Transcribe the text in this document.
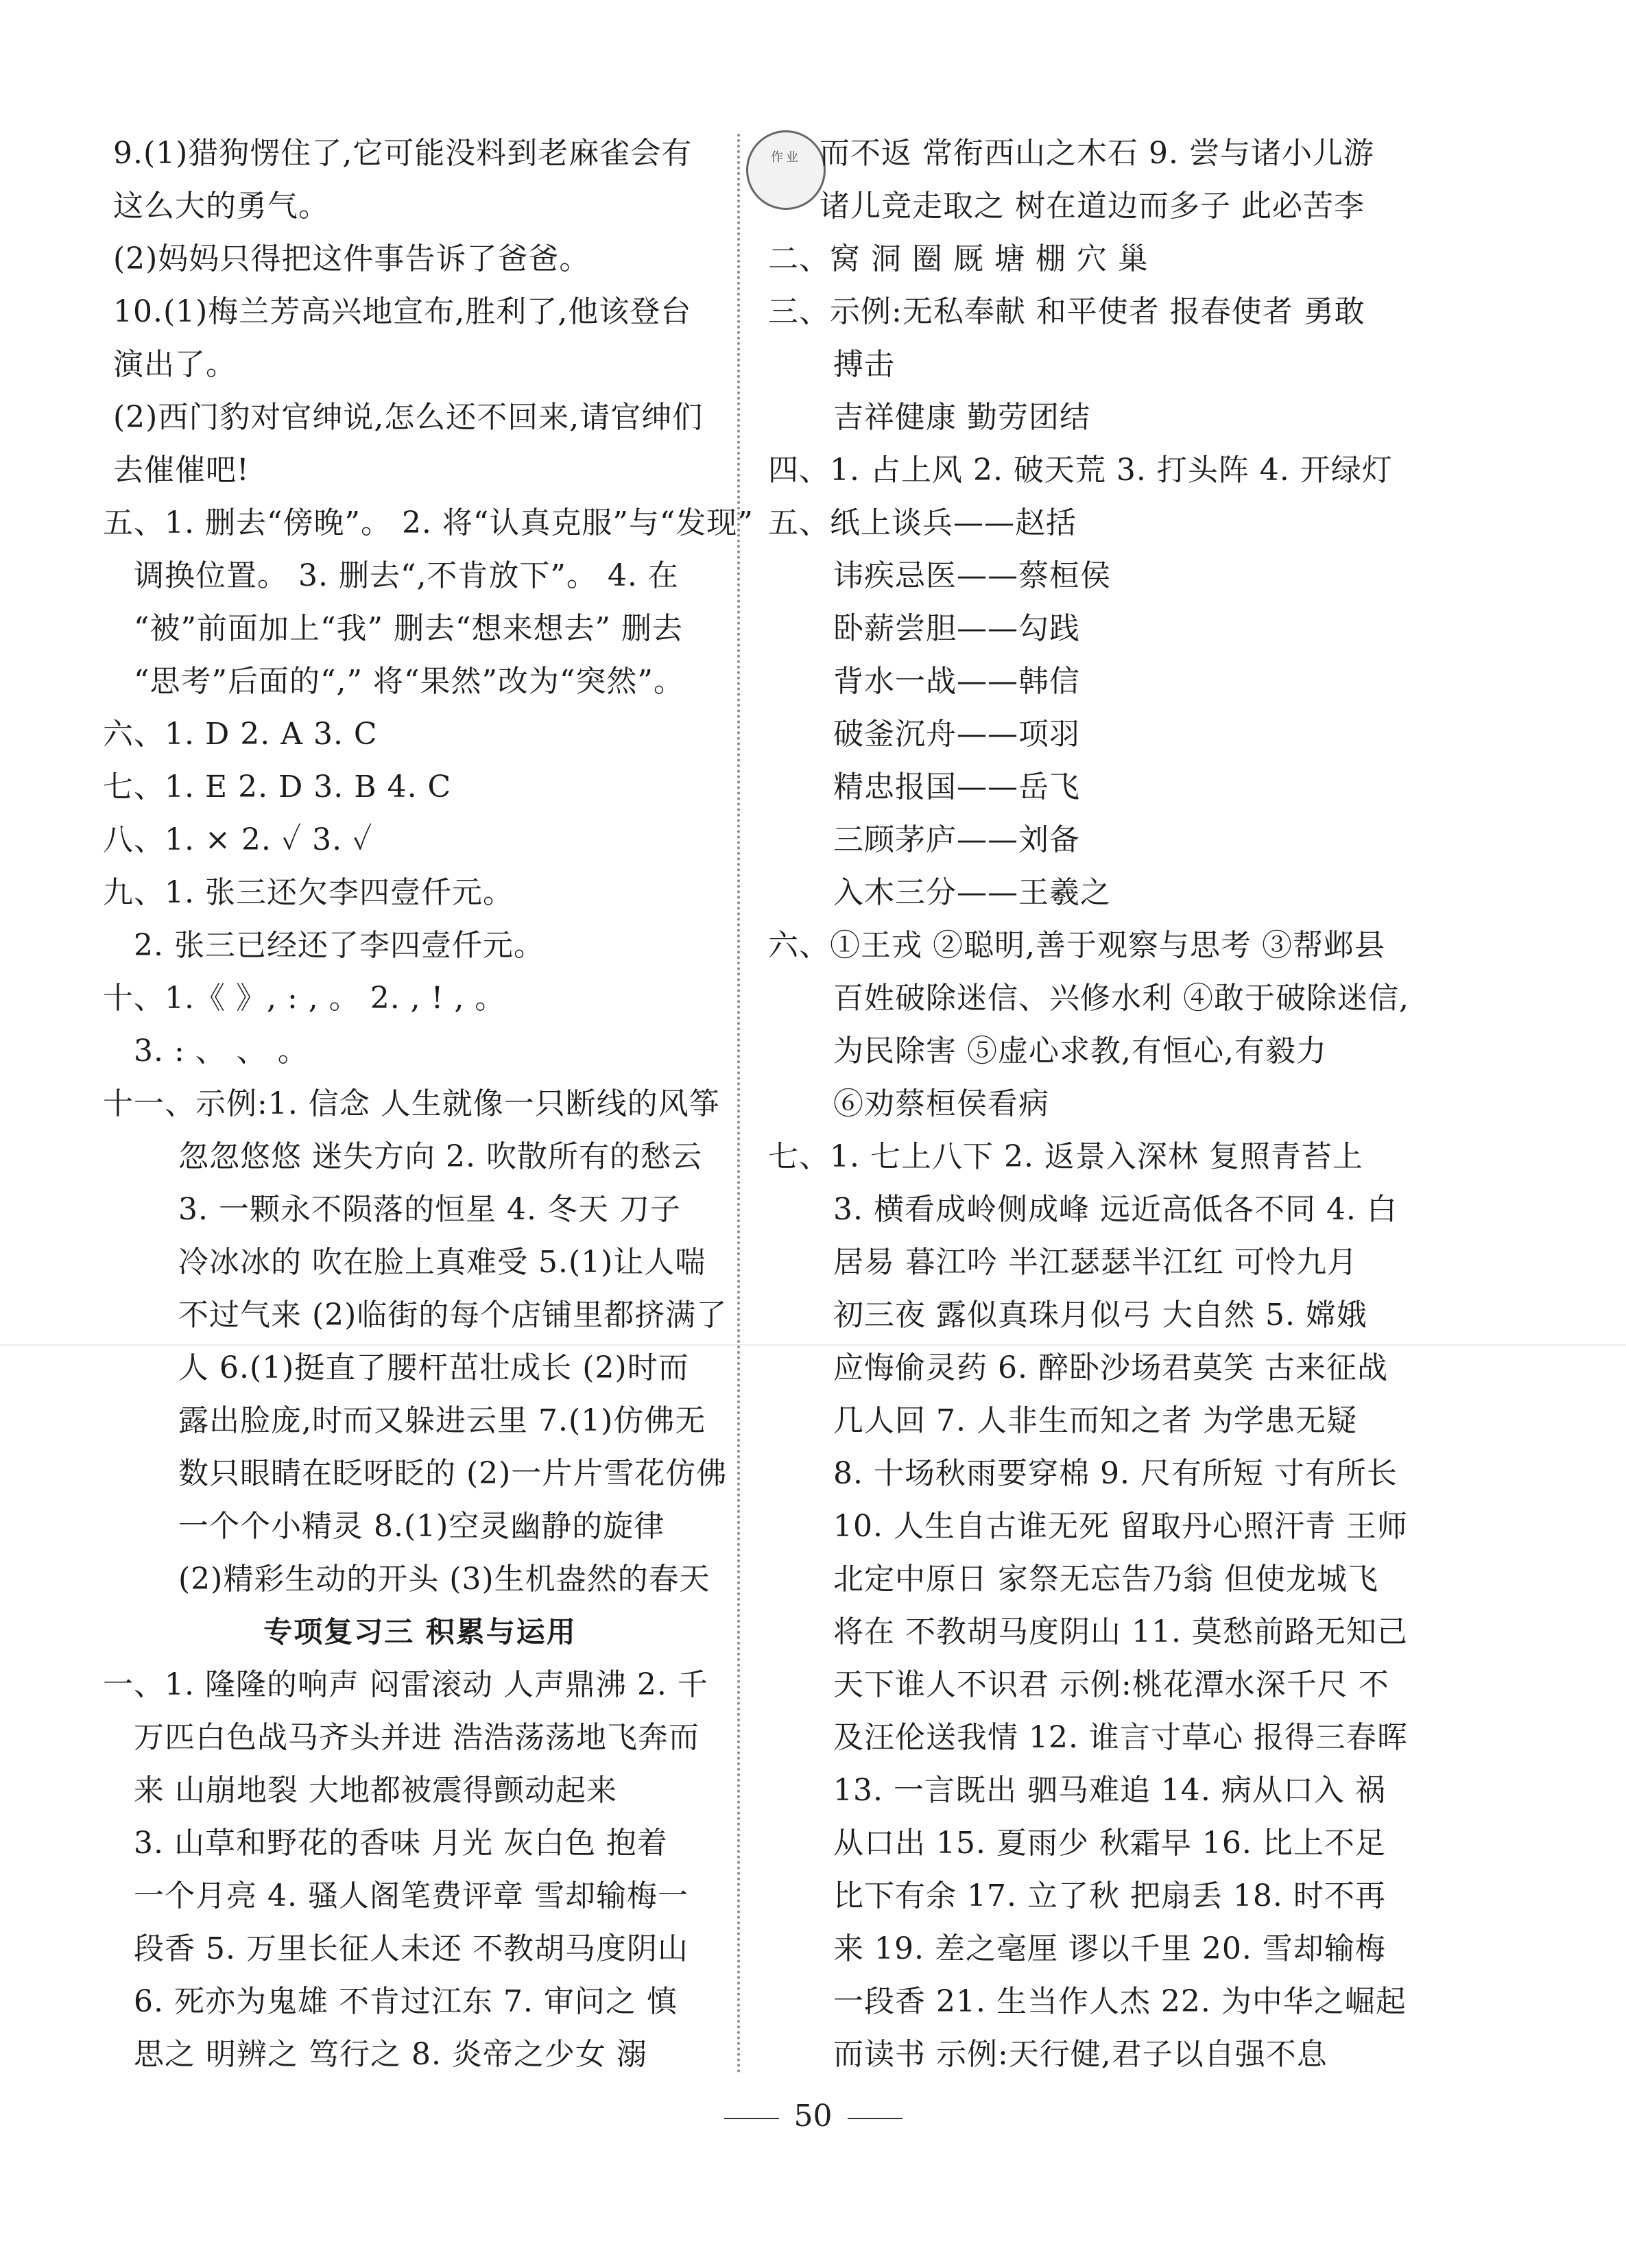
9.(1)猎狗愣住了,它可能没料到老麻雀会有
这么大的勇气。
(2)妈妈只得把这件事告诉了爸爸。
10.(1)梅兰芳高兴地宣布,胜利了,他该登台
演出了。
(2)西门豹对官绅说,怎么还不回来,请官绅们
去催催吧!
五、1. 删去“傍晚”。 2. 将“认真克服”与“发现”
调换位置。 3. 删去“,不肯放下”。 4. 在
“被”前面加上“我” 删去“想来想去” 删去
“思考”后面的“,” 将“果然”改为“突然”。
六、1. D 2. A 3. C
七、1. E 2. D 3. B 4. C
八、1. × 2. ✓ 3. ✓
九、1. 张三还欠李四壹仟元。
2. 张三已经还了李四壹仟元。
十、1.《 》, : , 。 2. , ! , 。
3. : 、 、 。
十一、示例:1. 信念 人生就像一只断线的风筝
忽忽悠悠 迷失方向 2. 吹散所有的愁云
3. 一颗永不陨落的恒星 4. 冬天 刀子
冷冰冰的 吹在脸上真难受 5.(1)让人喘
不过气来 (2)临街的每个店铺里都挤满了
人 6.(1)挺直了腰杆茁壮成长 (2)时而
露出脸庞,时而又躲进云里 7.(1)仿佛无
数只眼睛在眨呀眨的 (2)一片片雪花仿佛
一个个小精灵 8.(1)空灵幽静的旋律
(2)精彩生动的开头 (3)生机盎然的春天
专项复习三 积累与运用
一、1. 隆隆的响声 闷雷滚动 人声鼎沸 2. 千
万匹白色战马齐头并进 浩浩荡荡地飞奔而
来 山崩地裂 大地都被震得颤动起来
3. 山草和野花的香味 月光 灰白色 抱着
一个月亮 4. 骚人阁笔费评章 雪却输梅一
段香 5. 万里长征人未还 不教胡马度阴山
6. 死亦为鬼雄 不肯过江东 7. 审问之 慎
思之 明辨之 笃行之 8. 炎帝之少女 溺
作业 而不返 常衔西山之木石 9. 尝与诸小儿游
诸儿竞走取之 树在道边而多子 此必苦李
二、窝 洞 圈 厩 塘 棚 穴 巢
三、示例:无私奉献 和平使者 报春使者 勇敢
搏击
吉祥健康 勤劳团结
四、1. 占上风 2. 破天荒 3. 打头阵 4. 开绿灯
五、纸上谈兵——赵括
讳疾忌医——蔡桓侯
卧薪尝胆——勾践
背水一战——韩信
破釜沉舟——项羽
精忠报国——岳飞
三顾茅庐——刘备
入木三分——王羲之
六、①王戎 ②聪明,善于观察与思考 ③帮邺县
百姓破除迷信、兴修水利 ④敢于破除迷信,
为民除害 ⑤虚心求教,有恒心,有毅力
⑥劝蔡桓侯看病
七、1. 七上八下 2. 返景入深林 复照青苔上
3. 横看成岭侧成峰 远近高低各不同 4. 白
居易 暮江吟 半江瑟瑟半江红 可怜九月
初三夜 露似真珠月似弓 大自然 5. 嫦娥
应悔偷灵药 6. 醉卧沙场君莫笑 古来征战
几人回 7. 人非生而知之者 为学患无疑
8. 十场秋雨要穿棉 9. 尺有所短 寸有所长
10. 人生自古谁无死 留取丹心照汗青 王师
北定中原日 家祭无忘告乃翁 但使龙城飞
将在 不教胡马度阴山 11. 莫愁前路无知己
天下谁人不识君 示例:桃花潭水深千尺 不
及汪伦送我情 12. 谁言寸草心 报得三春晖
13. 一言既出 驷马难追 14. 病从口入 祸
从口出 15. 夏雨少 秋霜早 16. 比上不足
比下有余 17. 立了秋 把扇丢 18. 时不再
来 19. 差之毫厘 谬以千里 20. 雪却输梅
一段香 21. 生当作人杰 22. 为中华之崛起
而读书 示例:天行健,君子以自强不息
50
